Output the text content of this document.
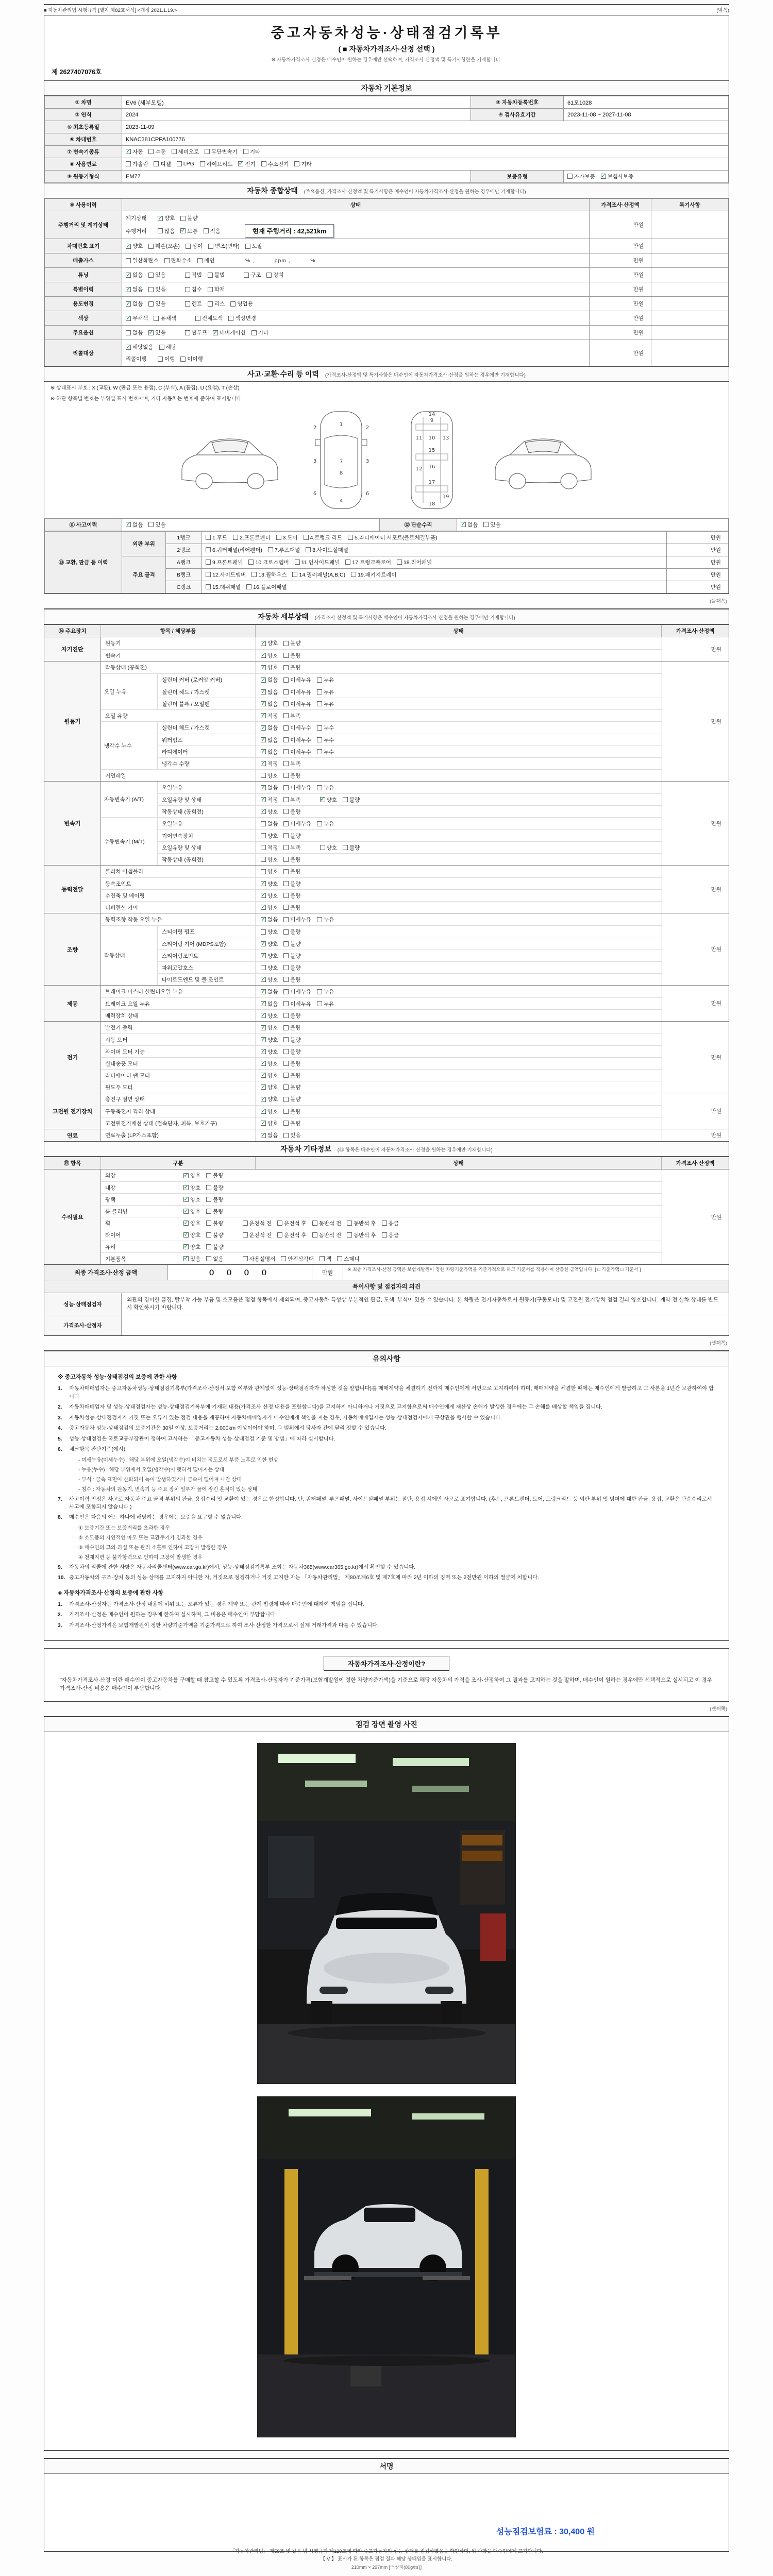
■ 자동차관리법 시행규칙 [별지 제82호서식] <개정 2021.1.19.>	(앞쪽)
중고자동차성능·상태점검기록부
( ■ 자동차가격조사·산정 선택 )
※ 자동차가격조사·산정은 매수인이 원하는 경우에만 선택하며, 가격조사·산정액 및 특기사항란을 기재합니다.
제 2627407076호
자동차 기본정보
① 차명	EV6 (세부모델)	② 자동차등록번호	61모1028
③ 연식	2024	④ 검사유효기간	2023-11-08 ~ 2027-11-08
⑤ 최초등록일	2023-11-09		
⑥ 차대번호	KNAC381CPPA100776		
⑦ 변속기종류	
✓자동 수동 세미오토 무단변속기 기타

⑧ 사용연료	가솔린 디젤 LPG 하이브리드 ✓ 전기 수소전기 기타

⑨ 원동기형식	EM77	보증유형	자가보증 ✓ 보험사보증
자동차 종합상태 (주요옵션, 가격조사·산정액 및 특기사항은 매수인이 자동차가격조사·산정을 원하는 경우에만 기재합니다)
⑩ 사용이력	상태	가격조사·산정액	특기사항
주행거리 및 계기상태	
계기상태 ✓	양호 불량
주행거리	많음 ✓ 보통 적음	현재 주행거리 : 42,521km
	만원	
차대번호 표기	
✓양호 훼손(오손) 상이 변조(변타) 도말	만원	
배출가스	일산화탄소 탄화수소 매연 　　　 % ,　　　 ppm ,　　　 %	만원	
튜닝	
✓없음 있음	적법 불법	구조 장치	만원	
특별이력	
✓없음 있음 침수 화재	만원	
용도변경	
✓없음 있음 렌트 리스 영업용	만원	
색상	
✓무채색 유채색 전체도색 색상변경	만원	
주요옵션	없음 ✓ 있음 썬루프 ✓ 네비게이션 기타	만원	
리콜대상	
✓
해당없음 해당
리콜이행 이행 미이행	만원	
사고·교환·수리 등 이력 (가격조사·산정액 및 특기사항은 매수인이 자동차가격조사·산정을 원하는 경우에만 기재합니다)
※ 상태표시 부호 : X (교환), W (판금 또는 용접), C (부식), A (흠집), U (요철), T (손상)
※ 하단 항목별 번호는 부위별 표시 번호이며, 기타 자동차는 번호에 준하여 표시합니다.
1
7
4
2	2
3	3
6	6
8
9
11 10 13
15
12 16
17
19
18
14
⑪ 사고이력	
✓없음 있음	⑫ 단순수리	
✓없음 있음
⑬ 교환, 판금 등 이력	외판 부위	1랭크	1.후드 2.프론트펜더 3.도어 4.트렁크 리드 5.라디에이터 서포트(볼트체결부품)	만원
		2랭크	6.쿼터패널(리어펜더) 7.루프패널 8.사이드실패널	만원
	주요 골격	A랭크	9.프론트패널 10.크로스멤버 11.인사이드패널 17.트렁크플로어 18.리어패널	만원
		B랭크	12.사이드멤버 13.휠하우스 14.필러패널(A,B,C) 19.패키지트레이	만원
		C랭크	15.대쉬패널 16.플로어패널	만원
(둘째쪽)
자동차 세부상태 (가격조사·산정액 및 특기사항은 매수인이 자동차가격조사·산정을 원하는 경우에만 기재합니다)
⑭ 주요장치	항목 / 해당부품	상태	가격조사·산정액
자기진단
원동기 ✓	양호 불량
변속기 ✓	양호 불량
만원
원동기
작동상태 (공회전) ✓	양호 불량
오일 누유
실린더 커버 (로커암 커버) ✓	없음 미세누유 누유
실린더 헤드 / 가스켓 ✓	없음 미세누유 누유
실린더 블록 / 오일팬 ✓	없음 미세누유 누유
오일 유량 ✓	적정 부족
냉각수 누수
실린더 헤드 / 가스켓 ✓	없음 미세누수 누수
워터펌프 ✓	없음 미세누수 누수
라디에이터 ✓	없음 미세누수 누수
냉각수 수량 ✓	적정 부족
커먼레일	양호 불량
만원
변속기
자동변속기 (A/T)
오일누유 ✓	없음 미세누유 누유
오일유량 및 상태 ✓	적정 부족 ✓	양호 불량
작동상태 (공회전) ✓	양호 불량
수동변속기 (M/T)
오일누유	없음 미세누유 누유
기어변속장치	양호 불량
오일유량 및 상태	적정 부족	양호 불량
작동상태 (공회전)	양호 불량
만원
동력전달
클러치 어셈블리	양호 불량
등속조인트 ✓	양호 불량
추진축 및 베어링 ✓	양호 불량
디퍼렌셜 기어 ✓	양호 불량
만원
조향
동력조향 작동 오일 누유 ✓	없음 미세누유 누유
작동상태
스티어링 펌프	양호 불량
스티어링 기어 (MDPS포함) ✓	양호 불량
스티어링조인트 ✓	양호 불량
파워고압호스	양호 불량
타이로드엔드 및 볼 조인트 ✓	양호 불량
만원
제동
브레이크 마스터 실린더오일 누유 ✓	없음 미세누유 누유
브레이크 오일 누유 ✓	없음 미세누유 누유
배력장치 상태 ✓	양호 불량
만원
전기
발전기 출력 ✓	양호 불량
시동 모터 ✓	양호 불량
와이퍼 모터 기능 ✓	양호 불량
실내송풍 모터 ✓	양호 불량
라디에이터 팬 모터 ✓	양호 불량
윈도우 모터 ✓	양호 불량
만원
고전원 전기장치
충전구 절연 상태 ✓	양호 불량
구동축전지 격리 상태 ✓	양호 불량
고전원전기배선 상태 (접속단자, 피복, 보호기구) ✓	양호 불량
만원
연료	연료누출 (LP가스포함) ✓	없음 있음	만원
자동차 기타정보 (⑮ 항목은 매수인이 자동차가격조사·산정을 원하는 경우에만 기재합니다)
⑮ 항목	구분	상태	가격조사·산정액
수리필요
외장 ✓	양호 불량
내장 ✓	양호 불량
광택 ✓	양호 불량
룸 클리닝 ✓	양호 불량
휠 ✓	양호 불량	운전석 전 운전석 후 동반석 전 동반석 후 응급
타이어 ✓	양호 불량	운전석 전 운전석 후 동반석 전 동반석 후 응급
유리 ✓	양호 불량
기본품목 ✓	있음 없음	사용설명서 안전삼각대 잭 스패너
만원
최종 가격조사·산정 금액	０ ０ ０ ０	만원
※ 최종 가격조사·산정 금액은 보험개발원이 정한 차량기준가액을 기준가격으로 하고 기준서를 적용하여 산출한 금액입니다. [ □ 기준가액 □ 기준서 ]
특이사항 및 점검자의 의견
성능·상태점검자
외관의 경미한 흠집, 탈부착 가능 부품 및 소모품은 점검 항목에서 제외되며, 중고자동차 특성상 부분적인 판금, 도색, 부식이 있을 수 있습니다. 본 차량은 전기자동차로서 원동기(구동모터) 및 고전원 전기장치 점검 결과 양호합니다. 계약 전 실차 상태를 반드시 확인하시기 바랍니다.
가격조사·산정자
(셋째쪽)
유의사항
※ 중고자동차 성능·상태점검의 보증에 관한 사항
1.	자동차매매업자는 중고자동차성능·상태점검기록부(가격조사·산정서 포함 여부와 관계없이 성능·상태점검자가 작성한 것을 말합니다)를 매매계약을 체결하기 전까지 매수인에게 서면으로 고지하여야 하며, 매매계약을 체결한 때에는 매수인에게 발급하고 그 사본을 1년간 보관하여야 합니다.
2.	자동차매매업자 및 성능·상태점검자는 성능·상태점검기록부에 기재된 내용(가격조사·산정 내용을 포함합니다)을 고지하지 아니하거나 거짓으로 고지함으로써 매수인에게 재산상 손해가 발생한 경우에는 그 손해를 배상할 책임을 집니다.
3.	자동차성능·상태점검자가 거짓 또는 오류가 있는 점검 내용을 제공하여 자동차매매업자가 매수인에게 책임을 지는 경우, 자동차매매업자는 성능·상태점검자에게 구상권을 행사할 수 있습니다.
4.	중고자동차 성능·상태점검의 보증기간은 30일 이상, 보증거리는 2,000km 이상이어야 하며, 그 범위에서 당사자 간에 달리 정할 수 있습니다.
5.	성능·상태점검은 국토교통부장관이 정하여 고시하는 「중고자동차 성능·상태점검 기준 및 방법」에 따라 실시합니다.
6.	체크항목 판단기준(예시)
- 미세누유(미세누수) : 해당 부위에 오일(냉각수)이 비치는 정도로서 부품 노후로 인한 현상
- 누유(누수) : 해당 부위에서 오일(냉각수)이 맺혀서 떨어지는 상태
- 부식 : 금속 표면이 산화되어 녹이 발생하였거나 금속이 떨어져 나간 상태
- 침수 : 자동차의 원동기, 변속기 등 주요 장치 일부가 물에 잠긴 흔적이 있는 상태
7.	사고이력 인정은 사고로 자동차 주요 골격 부위의 판금, 용접수리 및 교환이 있는 경우로 한정합니다. 단, 쿼터패널, 루프패널, 사이드실패널 부위는 절단, 용접 시에만 사고로 표기합니다. (후드, 프론트펜더, 도어, 트렁크리드 등 외판 부위 및 범퍼에 대한 판금, 용접, 교환은 단순수리로서 사고에 포함되지 않습니다.)
8.	매수인은 다음의 어느 하나에 해당하는 경우에는 보증을 요구할 수 없습니다.
① 보증기간 또는 보증거리를 초과한 경우
② 소모품의 자연적인 마모 또는 교환주기가 경과한 경우
③ 매수인의 고의·과실 또는 관리 소홀로 인하여 고장이 발생한 경우
④ 천재지변 등 불가항력으로 인하여 고장이 발생한 경우
9.	자동차의 리콜에 관한 사항은 자동차리콜센터(www.car.go.kr)에서, 성능·상태점검기록부 조회는 자동차365(www.car365.go.kr)에서 확인할 수 있습니다.
10. 중고자동차의 구조·장치 등의 성능·상태를 고지하지 아니한 자, 거짓으로 점검하거나 거짓 고지한 자는 「자동차관리법」 제80조제6호 및 제7호에 따라 2년 이하의 징역 또는 2천만원 이하의 벌금에 처합니다.
◈ 자동차가격조사·산정의 보증에 관한 사항
1.	가격조사·산정자는 가격조사·산정 내용에 허위 또는 오류가 있는 경우 계약 또는 관계 법령에 따라 매수인에 대하여 책임을 집니다.
2.	가격조사·산정은 매수인이 원하는 경우에 한하여 실시하며, 그 비용은 매수인이 부담합니다.
3.	가격조사·산정가격은 보험개발원이 정한 차량기준가액을 기준가격으로 하여 조사·산정한 가격으로서 실제 거래가격과 다를 수 있습니다.
자동차가격조사·산정이란?
"자동차가격조사·산정"이란 매수인이 중고자동차를 구매할 때 참고할 수 있도록 가격조사·산정자가 기준가격(보험개발원이 정한 차량기준가액)을 기준으로 해당 자동차의 가격을 조사·산정하여 그 결과를 고지하는 것을 말하며, 매수인이 원하는 경우에만 선택적으로 실시되고 이 경우 가격조사·산정 비용은 매수인이 부담합니다.
(넷째쪽)
점검 장면 촬영 사진
서명
성능점검보험료 : 30,400 원
「자동차관리법」 제58조 및 같은 법 시행규칙 제120조에 따라 중고자동차의 성능·상태를 점검하였음을 확인하며, 위 사항을 매수인에게 고지합니다.
【 V 】 표시가 된 항목은 점검 결과 해당 상태임을 표시합니다.
210mm × 297mm [백상지(80g/㎡)]
